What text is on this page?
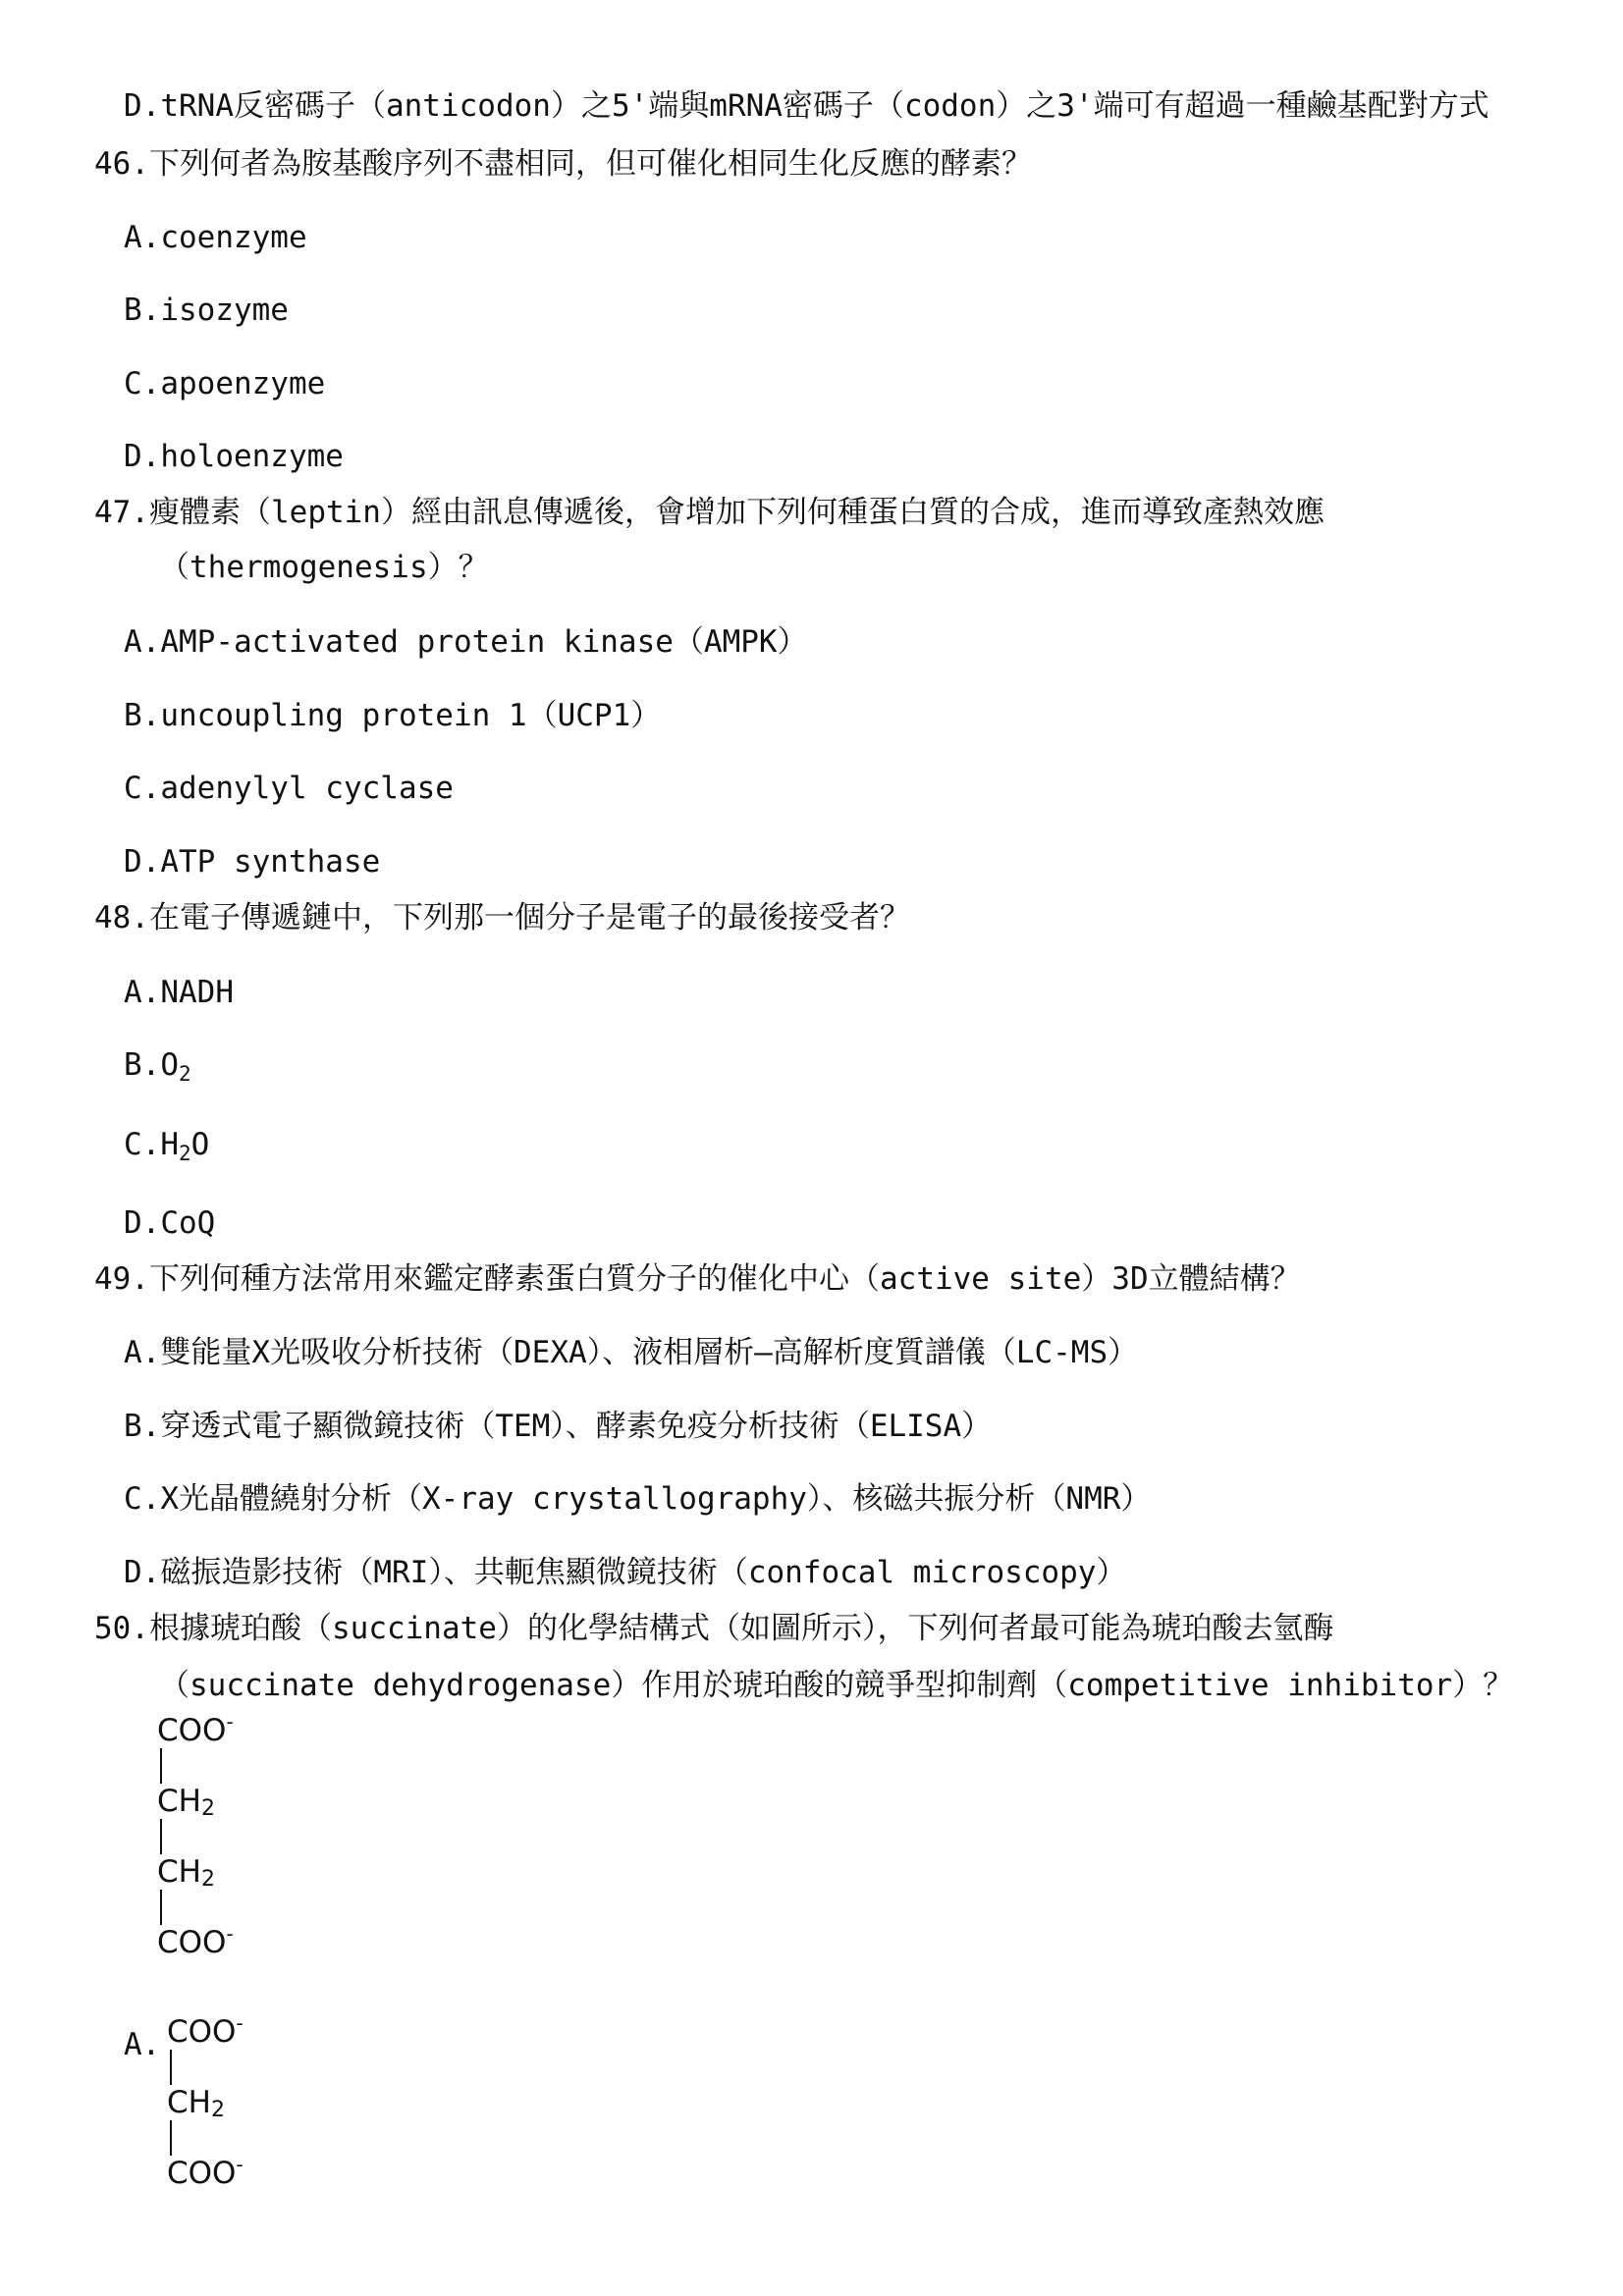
D.tRNA反密碼子（anticodon）之5'端與mRNA密碼子（codon）之3'端可有超過一種鹼基配對方式
46.下列何者為胺基酸序列不盡相同，但可催化相同生化反應的酵素？
A.coenzyme
B.isozyme
C.apoenzyme
D.holoenzyme
47.瘦體素（leptin）經由訊息傳遞後，會增加下列何種蛋白質的合成，進而導致產熱效應
（thermogenesis）？
A.AMP-activated protein kinase（AMPK）
B.uncoupling protein 1（UCP1）
C.adenylyl cyclase
D.ATP synthase
48.在電子傳遞鏈中，下列那一個分子是電子的最後接受者？
A.NADH
$B.O_2$
$C.H_2O$
D.CoQ
49.下列何種方法常用來鑑定酵素蛋白質分子的催化中心（active site）3D立體結構？
A.雙能量X光吸收分析技術（DEXA）、液相層析–高解析度質譜儀（LC-MS）
B.穿透式電子顯微鏡技術（TEM）、酵素免疫分析技術（ELISA）
C.X光晶體繞射分析（X-ray crystallography）、核磁共振分析（NMR）
D.磁振造影技術（MRI）、共軛焦顯微鏡技術（confocal microscopy）
50.根據琥珀酸（succinate）的化學結構式（如圖所示），下列何者最可能為琥珀酸去氫酶
（succinate dehydrogenase）作用於琥珀酸的競爭型抑制劑（competitive inhibitor）？
COO-
$CH_2$
$CH_2$
COO-
A. COO-
$CH_2$
COO-
